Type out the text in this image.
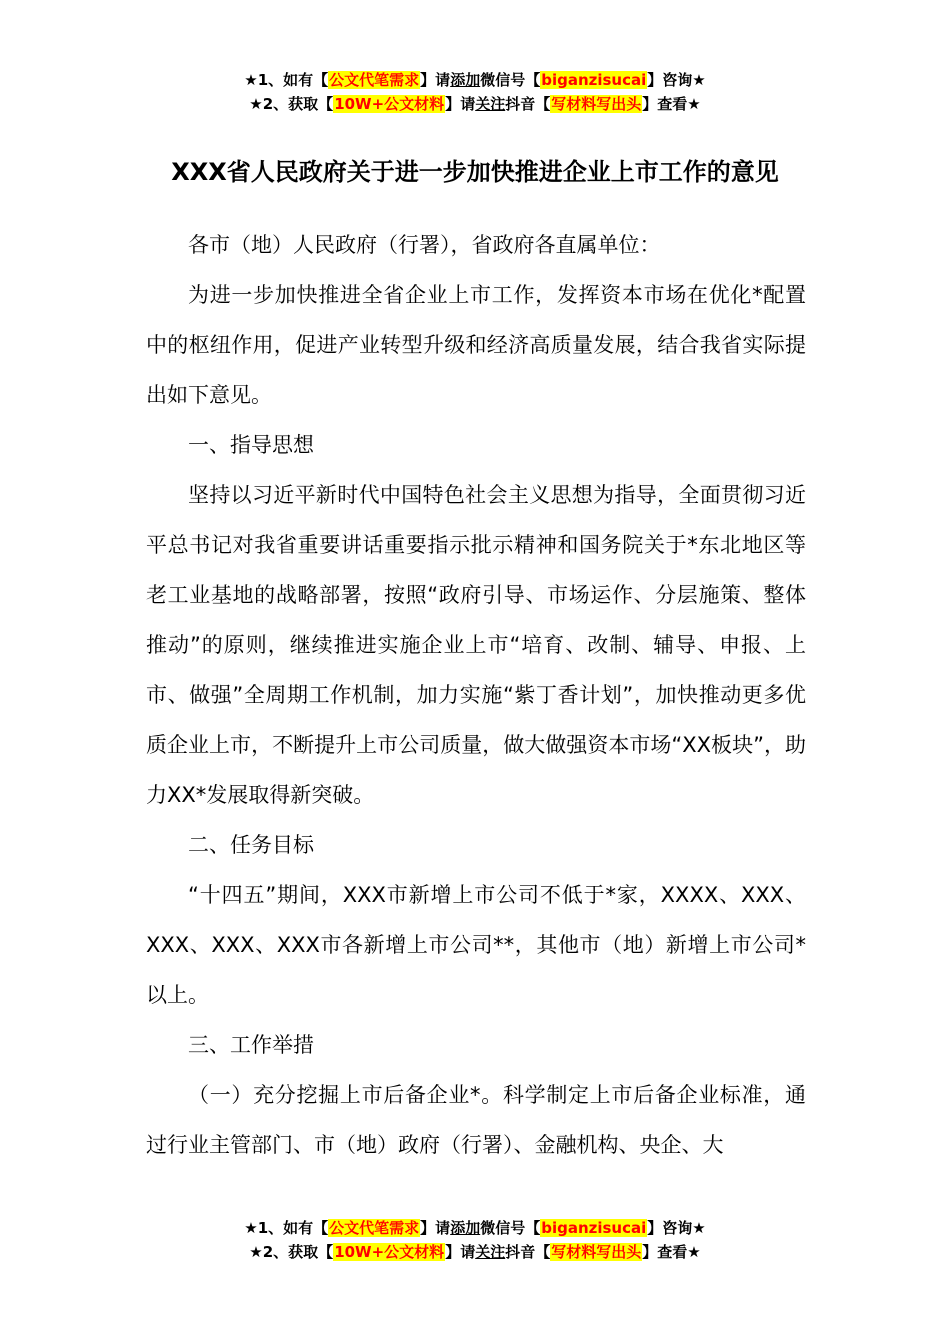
★1、如有【公文代笔需求】请添加微信号【biganzisucai】咨询★
★2、获取【10W+公文材料】请关注抖音【写材料写出头】查看★
XXX省人民政府关于进一步加快推进企业上市工作的意见

各市（地）人民政府（行署），省政府各直属单位：

为进一步加快推进全省企业上市工作，发挥资本市场在优化*配置中的枢纽作用，促进产业转型升级和经济高质量发展，结合我省实际提出如下意见。

一、指导思想

坚持以习近平新时代中国特色社会主义思想为指导，全面贯彻习近平总书记对我省重要讲话重要指示批示精神和国务院关于*东北地区等老工业基地的战略部署，按照“政府引导、市场运作、分层施策、整体推动”的原则，继续推进实施企业上市“培育、改制、辅导、申报、上市、做强”全周期工作机制，加力实施“紫丁香计划”，加快推动更多优质企业上市，不断提升上市公司质量，做大做强资本市场“XX板块”，助力XX*发展取得新突破。

二、任务目标

“十四五”期间，XXX市新增上市公司不低于*家，XXXX、XXX、XXX、XXX、XXX市各新增上市公司**，其他市（地）新增上市公司*以上。

三、工作举措

（一）充分挖掘上市后备企业*。科学制定上市后备企业标准，通过行业主管部门、市（地）政府（行署）、金融机构、央企、大

★1、如有【公文代笔需求】请添加微信号【biganzisucai】咨询★
★2、获取【10W+公文材料】请关注抖音【写材料写出头】查看★
